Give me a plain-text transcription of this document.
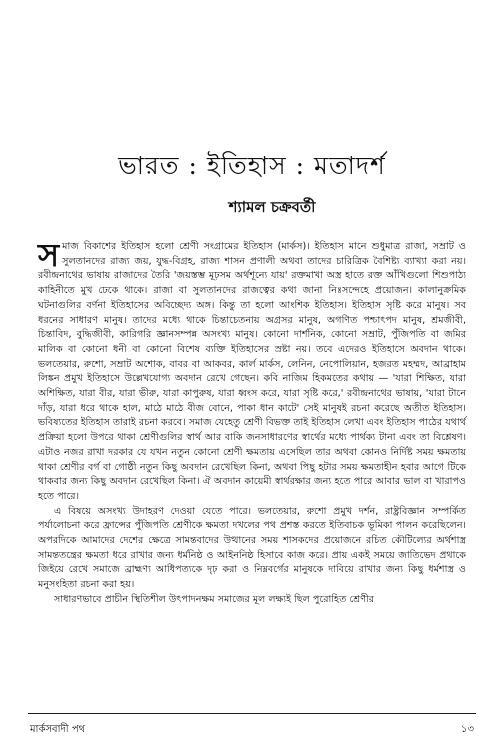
ভারত : ইতিহাস : মতাদর্শ
শ্যামল চক্রবর্তী

সমাজ বিকাশের ইতিহাস হলো শ্রেণী সংগ্রামের ইতিহাস (মার্কস)। ইতিহাস মানে শুধুমাত্র রাজা, সম্রাট ও সুলতানদের রাজ্য জয়, যুদ্ধ-বিগ্রহ, রাজ্য শাসন প্রণালী অথবা তাদের চারিত্রিক বৈশিষ্ট্য ব্যাখ্যা করা নয়। রবীন্দ্রনাথের ভাষায় রাজাদের তৈরি 'জয়স্তম্ভ মূঢ়সম অর্থশূন্যে যায়' রক্তমাখা অস্ত্র হাতে রক্ত আঁখিগুলো শিশুপাঠ্য কাহিনীতে মুখ ঢেকে থাকে। রাজা বা সুলতানদের রাজত্বের কথা জানা নিঃসন্দেহে প্রয়োজন। কালানুক্রমিক ঘটনাগুলির বর্ণনা ইতিহাসের অবিচ্ছেদ্য অঙ্গ। কিন্তু তা হলো আংশিক ইতিহাস। ইতিহাস সৃষ্টি করে মানুষ। সব ধরনের সাধারণ মানুষ। তাদের মধ্যে থাকে চিন্তাচেতনায় অগ্রসর মানুষ, অগণিত পশ্চাৎপদ মানুষ, শ্রমজীবী, চিন্তাবিদ, বুদ্ধিজীবী, কারিগরি জ্ঞানসম্পন্ন অসংখ্য মানুষ। কোনো দার্শনিক, কোনো সম্রাট, পুঁজিপতি বা জমির মালিক বা কোনো ধনী বা কোনো বিশেষ ব্যক্তি ইতিহাসের স্রষ্টা নয়। তবে এদেরও ইতিহাসে অবদান থাকে। ভলতেয়ার, রুশো, সম্রাট অশোক, বাবর বা আকবর, কার্ল মার্কস, লেনিন, নেপোলিয়ান, হজরত মহম্মদ, আব্রাহাম লিঙ্কন প্রমুখ ইতিহাসে উল্লেখযোগ্য অবদান রেখে গেছেন। কবি নাজিম হিকমতের কথায় — 'যারা শিক্ষিত, যারা অশিক্ষিত, যারা বীর, যারা ভীরু, যারা কাপুরুষ, যারা ধ্বংস করে, যারা সৃষ্টি করে,' রবীন্দ্রনাথের ভাষায়, 'যারা টানে দাঁড়, যারা ধরে থাকে হাল, মাঠে মাঠে বীজ বোনে, পাকা ধান কাটে' সেই মানুষই রচনা করেছে অতীত ইতিহাস। ভবিষ্যতের ইতিহাস তারাই রচনা করবে। সমাজ যেহেতু শ্রেণী বিভক্ত তাই ইতিহাস লেখা এবং ইতিহাস পাঠের যথার্থ প্রক্রিয়া হলো উপরে থাকা শ্রেণীগুলির স্বার্থ আর বাকি জনসাধারণের স্বার্থের মধ্যে পার্থক্য টানা এবং তা বিশ্লেষণ। এটাও নজর রাখা দরকার যে যখন নতুন কোনো শ্রেণী ক্ষমতায় এসেছিল তার অথবা কোনও নির্দিষ্ট সময় ক্ষমতায় থাকা শ্রেণীর বর্গ বা গোষ্ঠী নতুন কিছু অবদান রেখেছিল কিনা, অথবা পিছু হটার সময় ক্ষমতাহীন হবার আগে টিকে থাকবার জন্য কিছু অবদান রেখেছিল কিনা। ঐ অবদান কায়েমী স্বার্থরক্ষার জন্য হতে পারে আবার ভাল বা খারাপও হতে পারে।

এ বিষয়ে অসংখ্য উদাহরণ দেওয়া যেতে পারে। ভলতেয়ার, রুশো প্রমুখ দর্শন, রাষ্ট্রবিজ্ঞান সম্পর্কিত পর্যালোচনা করে ফ্রান্সের পুঁজিপতি শ্রেণীকে ক্ষমতা দখলের পথ প্রশস্ত করতে ইতিবাচক ভূমিকা পালন করেছিলেন। অপরদিকে আমাদের দেশের ক্ষেত্রে সামন্তবাদের উত্থানের সময় শাসকদের প্রয়োজনে রচিত কৌটিল্যের অর্থশাস্ত্র সামন্ততন্ত্রের ক্ষমতা ধরে রাখার জন্য ধর্মনিষ্ঠ ও আইননিষ্ঠ হিসাবে কাজ করে। প্রায় একই সময়ে জাতিভেদ প্রথাকে জিইয়ে রেখে সমাজে ব্রাহ্মণ্য আধিপত্যকে দৃঢ় করা ও নিম্নবর্গের মানুষকে দাবিয়ে রাখার জন্য কিছু ধর্মশাস্ত্র ও মনুসংহিতা রচনা করা হয়।

সাধারণভাবে প্রাচীন স্থিতিশীল উৎপাদনক্ষম সমাজের মূল লক্ষ্যই ছিল পুরোহিত শ্রেণীর

মার্কসবাদী পথ	১৩
